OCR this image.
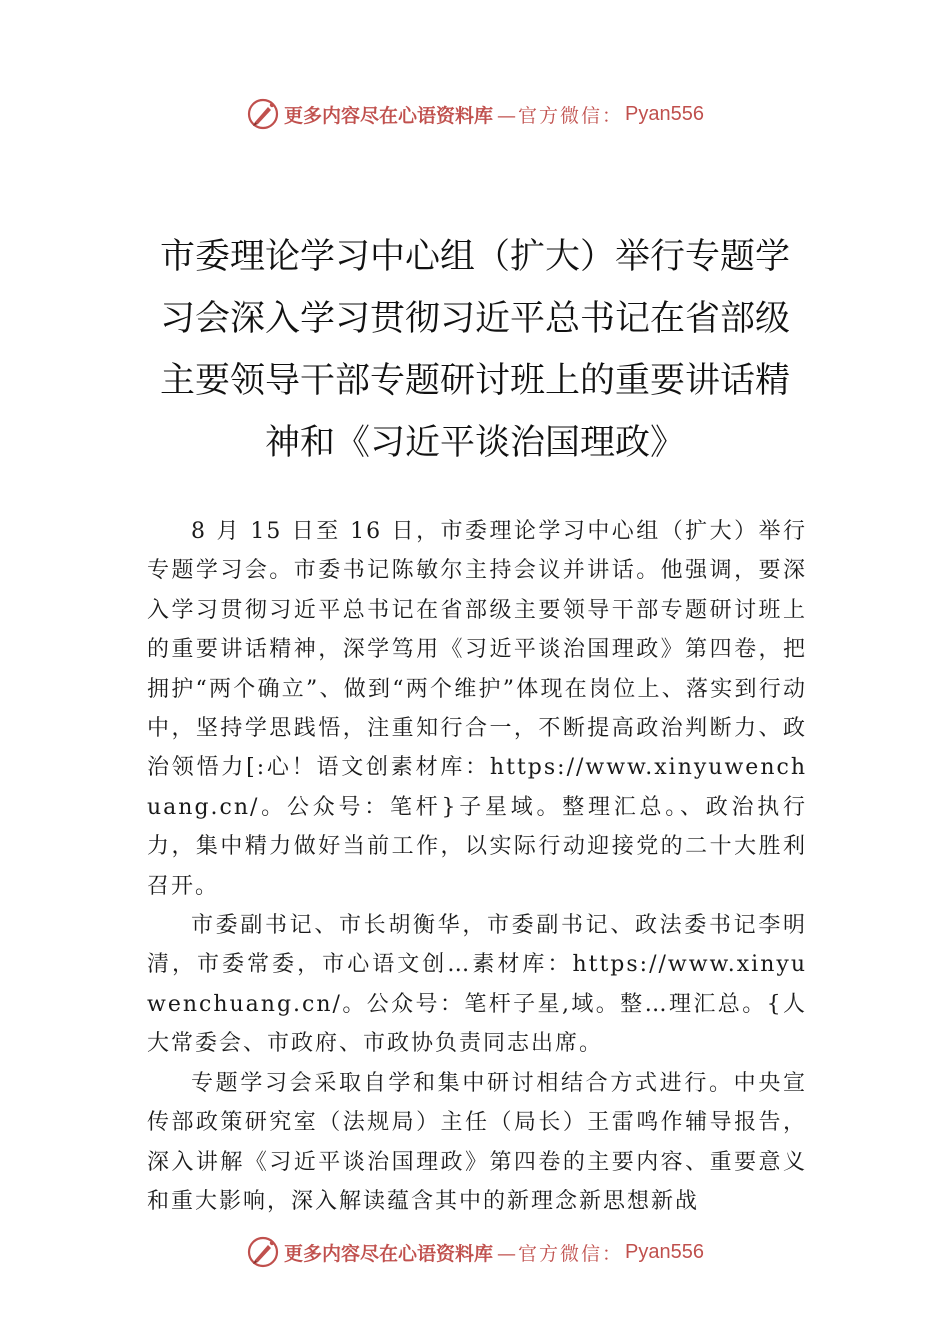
更多内容尽在心语资料库 —官方微信： Pyan556
市委理论学习中心组（扩大）举行专题学习会深入学习贯彻习近平总书记在省部级主要领导干部专题研讨班上的重要讲话精神和《习近平谈治国理政》

8 月 15 日至 16 日，市委理论学习中心组（扩大）举行专题学习会。市委书记陈敏尔主持会议并讲话。他强调，要深入学习贯彻习近平总书记在省部级主要领导干部专题研讨班上的重要讲话精神，深学笃用《习近平谈治国理政》第四卷，把拥护“两个确立”、做到“两个维护”体现在岗位上、落实到行动中，坚持学思践悟，注重知行合一，不断提高政治判断力、政治领悟力[:心！语文创素材库：https://www.xinyuwenchuang.cn/。公众号：笔杆}子星域。整理汇总。、政治执行力，集中精力做好当前工作，以实际行动迎接党的二十大胜利召开。

市委副书记、市长胡衡华，市委副书记、政法委书记李明清，市委常委，市心语文创…素材库：https://www.xinyuwenchuang.cn/。公众号：笔杆子星,域。整…理汇总。{人大常委会、市政府、市政协负责同志出席。

专题学习会采取自学和集中研讨相结合方式进行。中央宣传部政策研究室（法规局）主任（局长）王雷鸣作辅导报告，深入讲解《习近平谈治国理政》第四卷的主要内容、重要意义和重大影响，深入解读蕴含其中的新理念新思想新战

更多内容尽在心语资料库 —官方微信： Pyan556
